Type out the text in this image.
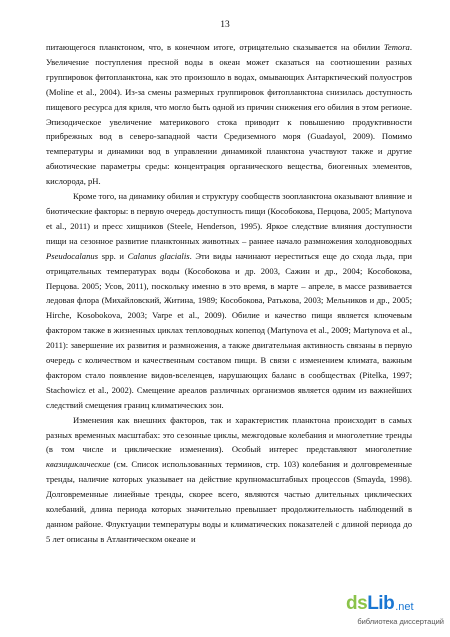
13

питающегося планктоном, что, в конечном итоге, отрицательно сказывается на обилии Temora. Увеличение поступления пресной воды в океан может сказаться на соотношении разных группировок фитопланктона, как это произошло в водах, омывающих Антарктический полуостров (Moline et al., 2004). Из-за смены размерных группировок фитопланктона снизилась доступность пищевого ресурса для криля, что могло быть одной из причин снижения его обилия в этом регионе. Эпизодическое увеличение материкового стока приводит к повышению продуктивности прибрежных вод в северо-западной части Средиземного моря (Guadayol, 2009). Помимо температуры и динамики вод в управлении динамикой планктона участвуют также и другие абиотические параметры среды: концентрация органического вещества, биогенных элементов, кислорода, pH.

Кроме того, на динамику обилия и структуру сообществ зоопланктона оказывают влияние и биотические факторы: в первую очередь доступность пищи (Кособокова, Перцова, 2005; Martynova et al., 2011) и пресс хищников (Steele, Henderson, 1995). Яркое следствие влияния доступности пищи на сезонное развитие планктонных животных – раннее начало размножения холодноводных Pseudocalanus spp. и Calanus glacialis. Эти виды начинают нереститься еще до схода льда, при отрицательных температурах воды (Кособокова и др. 2003, Сажин и др., 2004; Кособокова, Перцова. 2005; Усов, 2011), поскольку именно в это время, в марте – апреле, в массе развивается ледовая флора (Михайловский, Житина, 1989; Кособокова, Ратькова, 2003; Мельников и др., 2005; Hirche, Kosobokova, 2003; Varpe et al., 2009). Обилие и качество пищи является ключевым фактором также в жизненных циклах тепловодных копепод (Martynova et al., 2009; Martynova et al., 2011): завершение их развития и размножения, а также двигательная активность связаны в первую очередь с количеством и качественным составом пищи. В связи с изменением климата, важным фактором стало появление видов-вселенцев, нарушающих баланс в сообществах (Pitelka, 1997; Stachowicz et al., 2002). Смещение ареалов различных организмов является одним из важнейших следствий смещения границ климатических зон.

Изменения как внешних факторов, так и характеристик планктона происходит в самых разных временных масштабах: это сезонные циклы, межгодовые колебания и многолетние тренды (в том числе и циклические изменения). Особый интерес представляют многолетние квазициклические (см. Список использованных терминов, стр. 103) колебания и долговременные тренды, наличие которых указывает на действие крупномасштабных процессов (Smayda, 1998). Долговременные линейные тренды, скорее всего, являются частью длительных циклических колебаний, длина периода которых значительно превышает продолжительность наблюдений в данном районе. Флуктуации температуры воды и климатических показателей с длиной периода до 5 лет описаны в Атлантическом океане и

ds Lib .net
библиотека диссертаций
